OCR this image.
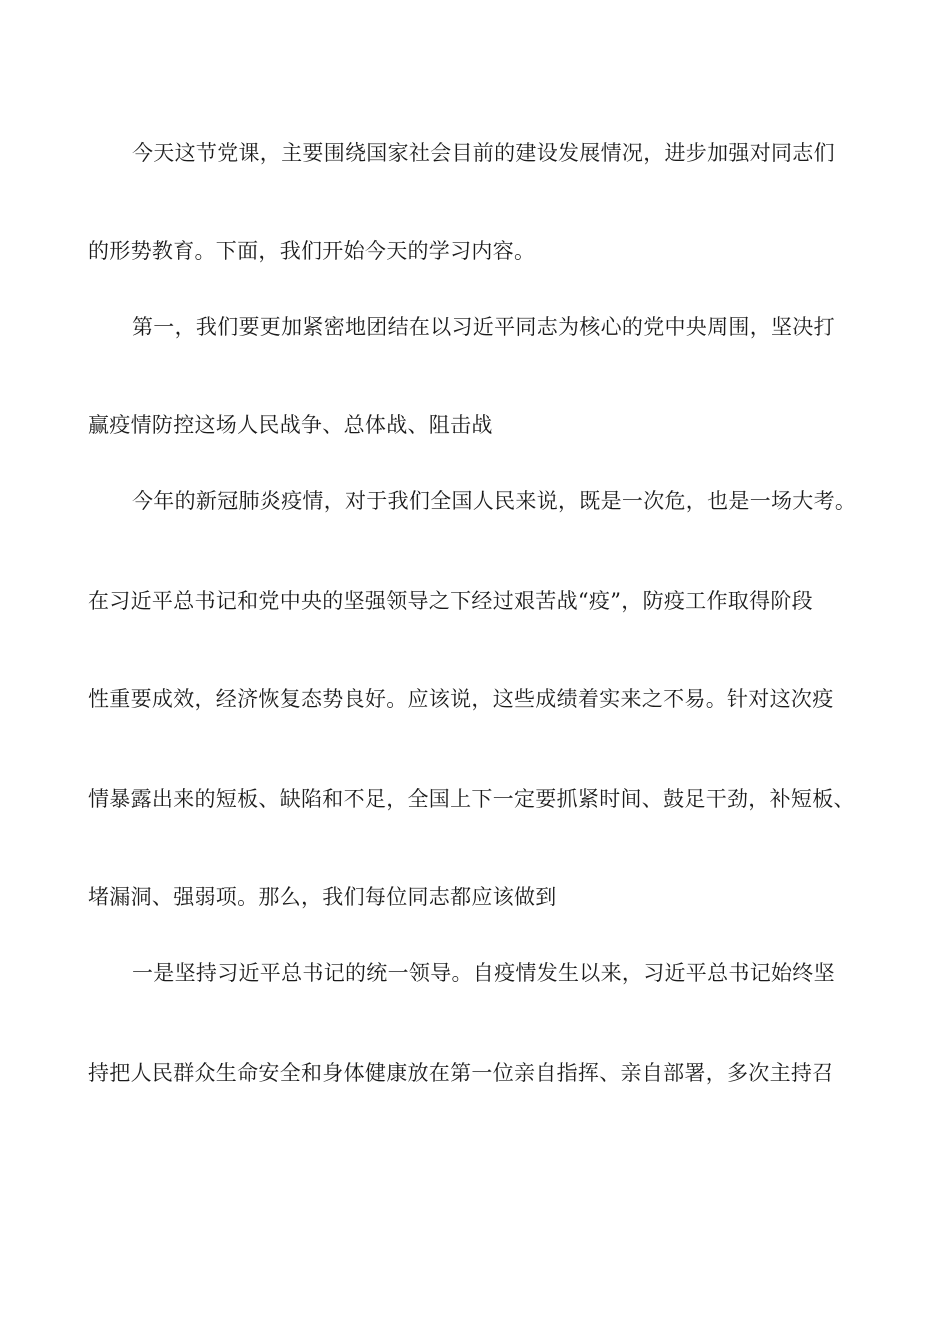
今天这节党课，主要围绕国家社会目前的建设发展情况，进步加强对同志们
的形势教育。下面，我们开始今天的学习内容。
第一，我们要更加紧密地团结在以习近平同志为核心的党中央周围，坚决打
赢疫情防控这场人民战争、总体战、阻击战
今年的新冠肺炎疫情，对于我们全国人民来说，既是一次危，也是一场大考。
在习近平总书记和党中央的坚强领导之下经过艰苦战“疫”，防疫工作取得阶段
性重要成效，经济恢复态势良好。应该说，这些成绩着实来之不易。针对这次疫
情暴露出来的短板、缺陷和不足，全国上下一定要抓紧时间、鼓足干劲，补短板、
堵漏洞、强弱项。那么，我们每位同志都应该做到
一是坚持习近平总书记的统一领导。自疫情发生以来，习近平总书记始终坚
持把人民群众生命安全和身体健康放在第一位亲自指挥、亲自部署，多次主持召
